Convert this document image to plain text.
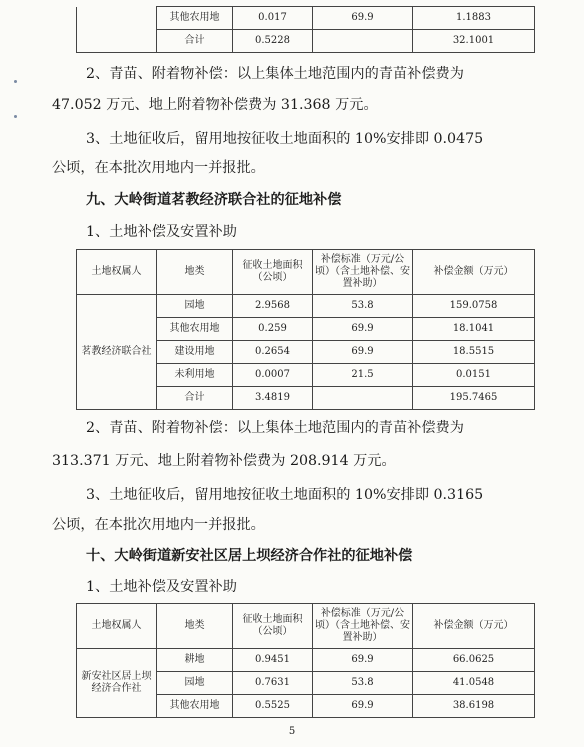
	其他农用地	0.017	69.9	1.1883
	合计	0.5228		32.1001
2、青苗、附着物补偿：以上集体土地范围内的青苗补偿费为
47.052 万元、地上附着物补偿费为 31.368 万元。
3、土地征收后，留用地按征收土地面积的 10%安排即 0.0475
公顷，在本批次用地内一并报批。
九、大岭街道茗教经济联合社的征地补偿
1、土地补偿及安置补助
土地权属人	地类	征收土地面积（公顷）	补偿标准（万元/公顷）（含土地补偿、安置补助）	补偿金额（万元）
茗教经济联合社	园地	2.9568	53.8	159.0758
	其他农用地	0.259	69.9	18.1041
	建设用地	0.2654	69.9	18.5515
	未利用地	0.0007	21.5	0.0151
	合计	3.4819		195.7465
2、青苗、附着物补偿：以上集体土地范围内的青苗补偿费为
313.371 万元、地上附着物补偿费为 208.914 万元。
3、土地征收后，留用地按征收土地面积的 10%安排即 0.3165
公顷，在本批次用地内一并报批。
十、大岭街道新安社区居上坝经济合作社的征地补偿
1、土地补偿及安置补助
土地权属人	地类	征收土地面积（公顷）	补偿标准（万元/公顷）（含土地补偿、安置补助）	补偿金额（万元）
新安社区居上坝经济合作社	耕地	0.9451	69.9	66.0625
	园地	0.7631	53.8	41.0548
	其他农用地	0.5525	69.9	38.6198
5
